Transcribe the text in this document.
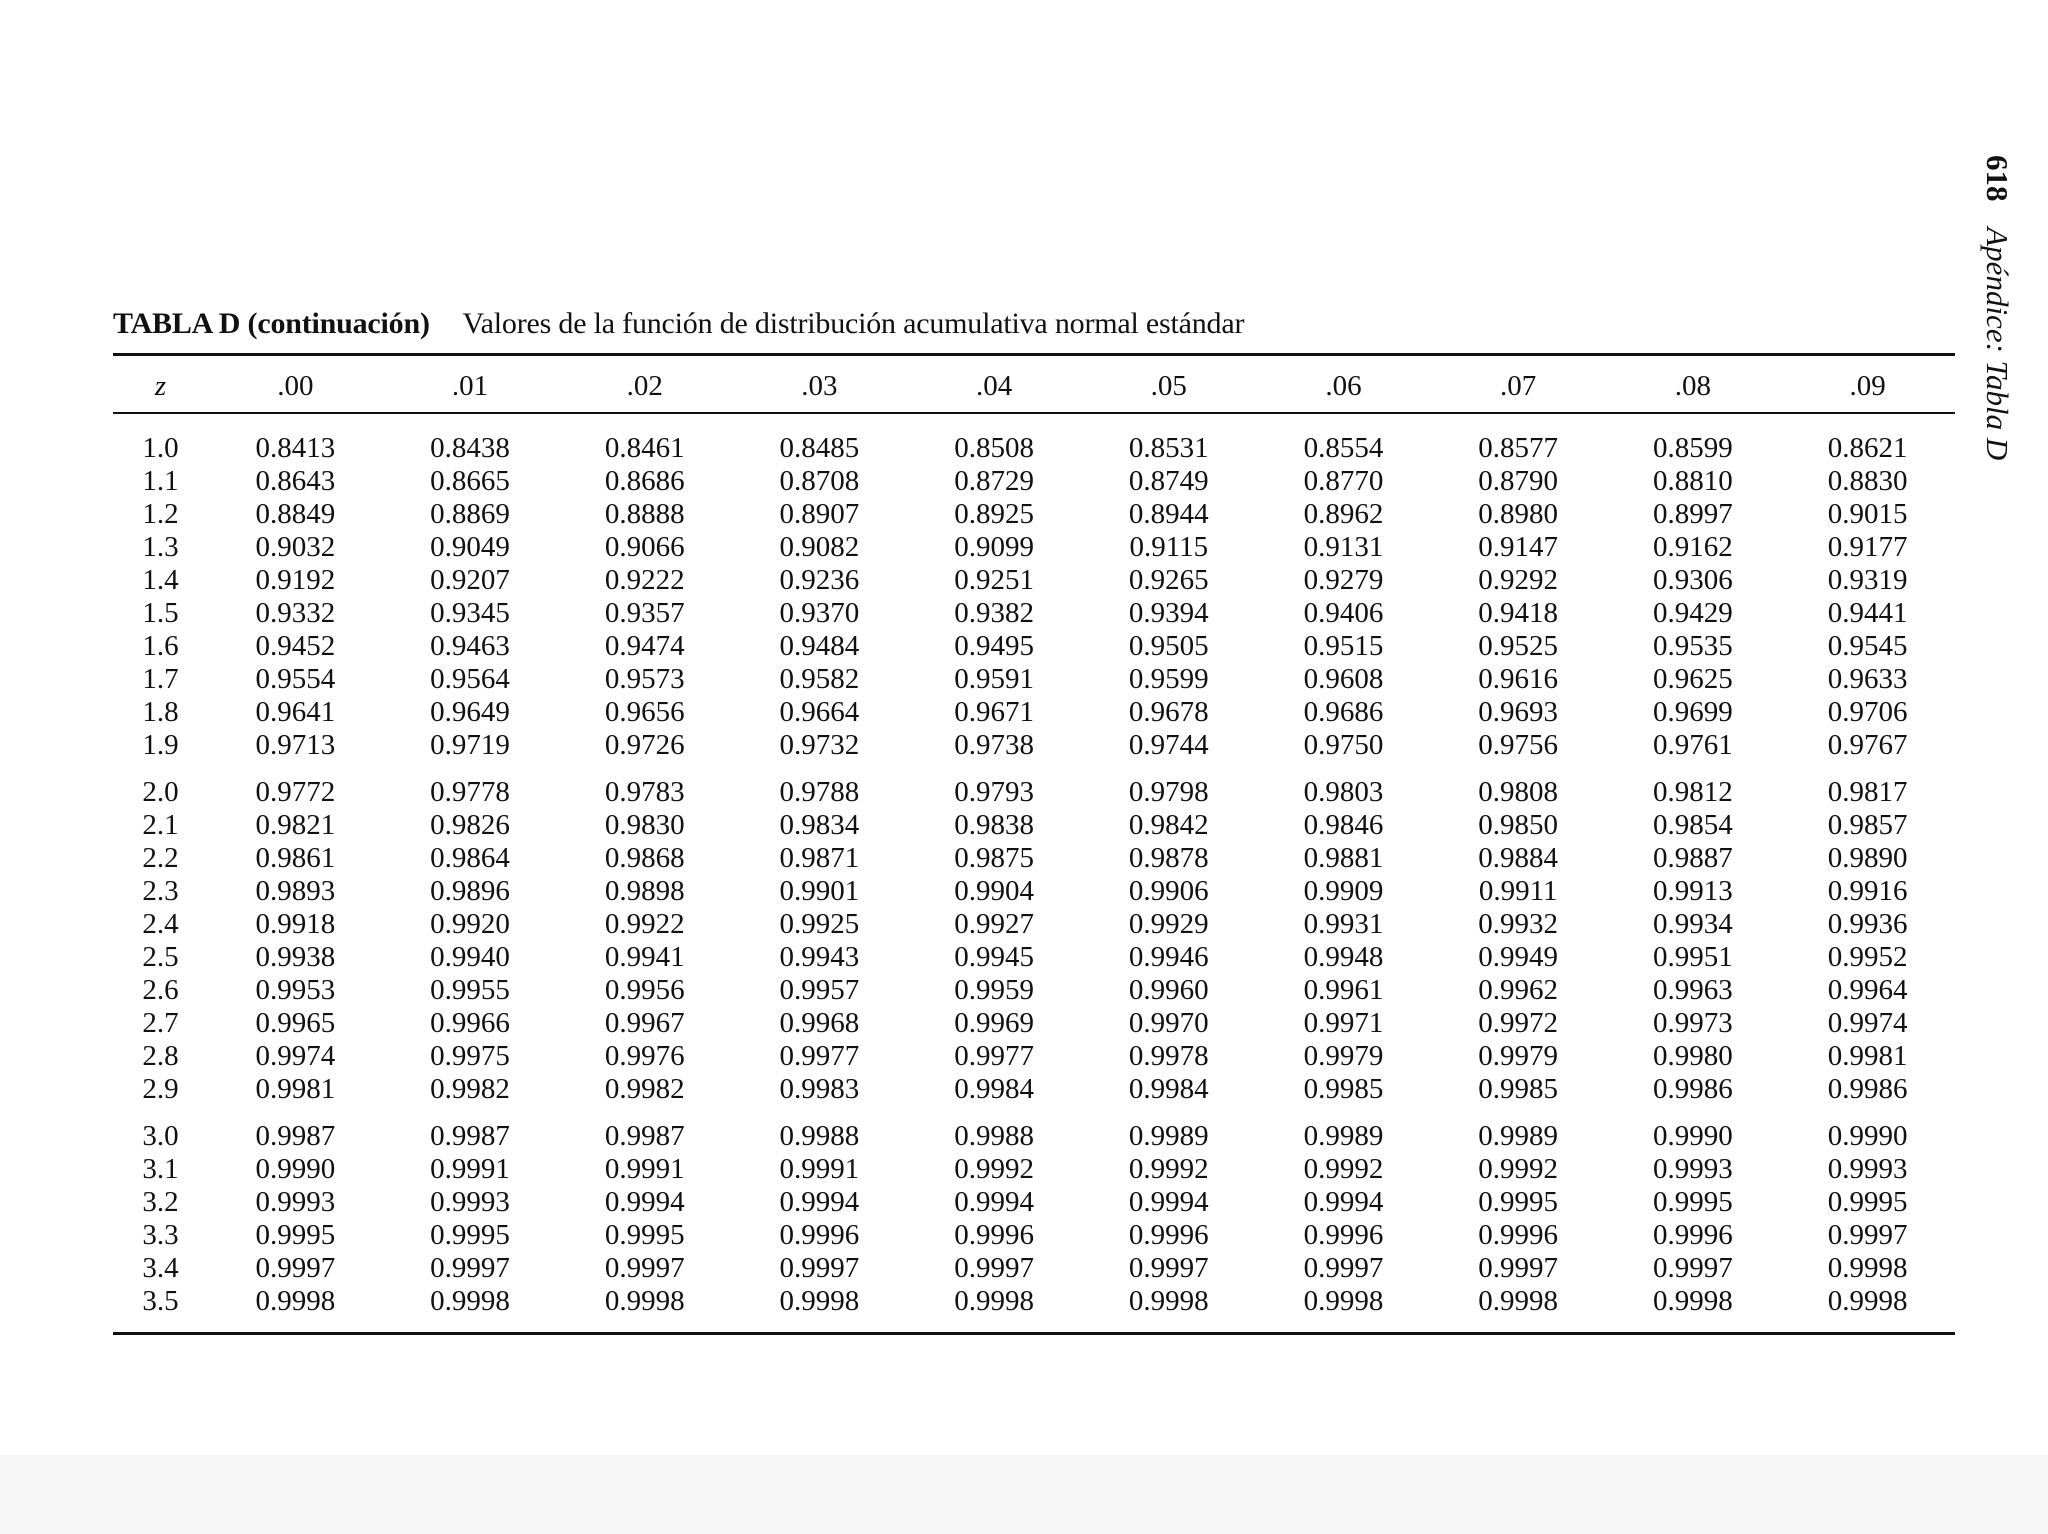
618 Apéndice: Tabla D
TABLA D (continuación) Valores de la función de distribución acumulativa normal estándar
z	.00	.01	.02	.03	.04	.05	.06	.07	.08	.09
1.0	0.8413	0.8438	0.8461	0.8485	0.8508	0.8531	0.8554	0.8577	0.8599	0.8621
1.1	0.8643	0.8665	0.8686	0.8708	0.8729	0.8749	0.8770	0.8790	0.8810	0.8830
1.2	0.8849	0.8869	0.8888	0.8907	0.8925	0.8944	0.8962	0.8980	0.8997	0.9015
1.3	0.9032	0.9049	0.9066	0.9082	0.9099	0.9115	0.9131	0.9147	0.9162	0.9177
1.4	0.9192	0.9207	0.9222	0.9236	0.9251	0.9265	0.9279	0.9292	0.9306	0.9319
1.5	0.9332	0.9345	0.9357	0.9370	0.9382	0.9394	0.9406	0.9418	0.9429	0.9441
1.6	0.9452	0.9463	0.9474	0.9484	0.9495	0.9505	0.9515	0.9525	0.9535	0.9545
1.7	0.9554	0.9564	0.9573	0.9582	0.9591	0.9599	0.9608	0.9616	0.9625	0.9633
1.8	0.9641	0.9649	0.9656	0.9664	0.9671	0.9678	0.9686	0.9693	0.9699	0.9706
1.9	0.9713	0.9719	0.9726	0.9732	0.9738	0.9744	0.9750	0.9756	0.9761	0.9767
2.0	0.9772	0.9778	0.9783	0.9788	0.9793	0.9798	0.9803	0.9808	0.9812	0.9817
2.1	0.9821	0.9826	0.9830	0.9834	0.9838	0.9842	0.9846	0.9850	0.9854	0.9857
2.2	0.9861	0.9864	0.9868	0.9871	0.9875	0.9878	0.9881	0.9884	0.9887	0.9890
2.3	0.9893	0.9896	0.9898	0.9901	0.9904	0.9906	0.9909	0.9911	0.9913	0.9916
2.4	0.9918	0.9920	0.9922	0.9925	0.9927	0.9929	0.9931	0.9932	0.9934	0.9936
2.5	0.9938	0.9940	0.9941	0.9943	0.9945	0.9946	0.9948	0.9949	0.9951	0.9952
2.6	0.9953	0.9955	0.9956	0.9957	0.9959	0.9960	0.9961	0.9962	0.9963	0.9964
2.7	0.9965	0.9966	0.9967	0.9968	0.9969	0.9970	0.9971	0.9972	0.9973	0.9974
2.8	0.9974	0.9975	0.9976	0.9977	0.9977	0.9978	0.9979	0.9979	0.9980	0.9981
2.9	0.9981	0.9982	0.9982	0.9983	0.9984	0.9984	0.9985	0.9985	0.9986	0.9986
3.0	0.9987	0.9987	0.9987	0.9988	0.9988	0.9989	0.9989	0.9989	0.9990	0.9990
3.1	0.9990	0.9991	0.9991	0.9991	0.9992	0.9992	0.9992	0.9992	0.9993	0.9993
3.2	0.9993	0.9993	0.9994	0.9994	0.9994	0.9994	0.9994	0.9995	0.9995	0.9995
3.3	0.9995	0.9995	0.9995	0.9996	0.9996	0.9996	0.9996	0.9996	0.9996	0.9997
3.4	0.9997	0.9997	0.9997	0.9997	0.9997	0.9997	0.9997	0.9997	0.9997	0.9998
3.5	0.9998	0.9998	0.9998	0.9998	0.9998	0.9998	0.9998	0.9998	0.9998	0.9998
